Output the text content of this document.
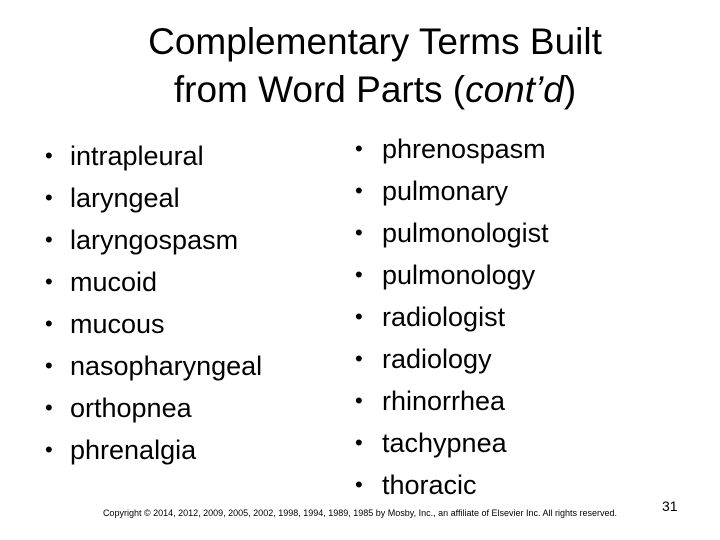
Complementary Terms Built
from Word Parts (cont’d)
• intrapleural
• laryngeal
• laryngospasm
• mucoid
• mucous
• nasopharyngeal
• orthopnea
• phrenalgia
• phrenospasm
• pulmonary
• pulmonologist
• pulmonology
• radiologist
• radiology
• rhinorrhea
• tachypnea
• thoracic
Copyright © 2014, 2012, 2009, 2005, 2002, 1998, 1994, 1989, 1985 by Mosby, Inc., an affiliate of Elsevier Inc. All rights reserved.	31
